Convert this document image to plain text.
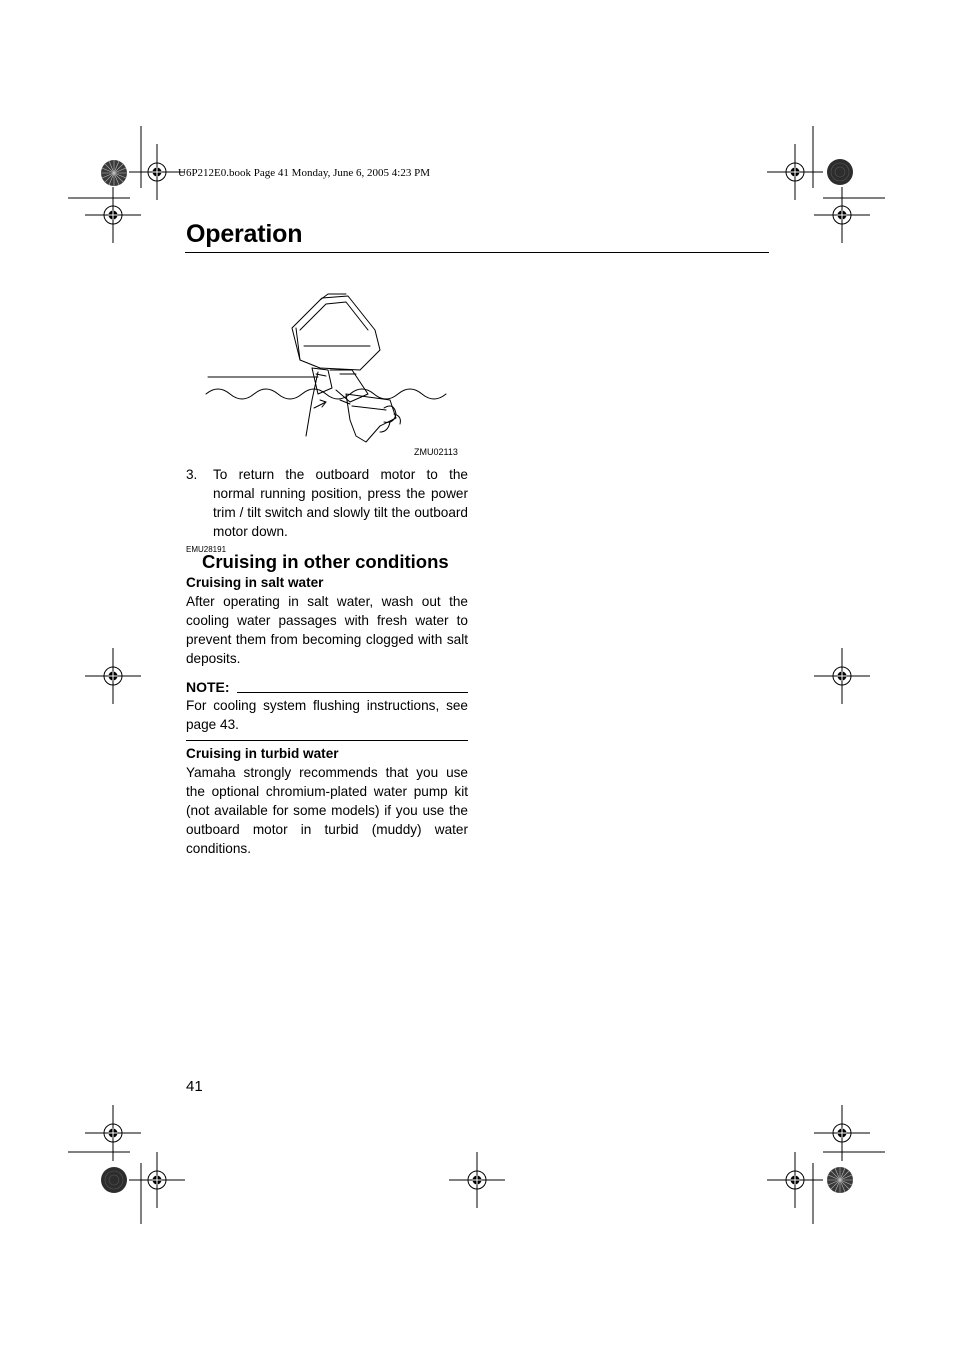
U6P212E0.book Page 41 Monday, June 6, 2005 4:23 PM
Operation
ZMU02113
3. To return the outboard motor to the normal running position, press the power trim / tilt switch and slowly tilt the outboard motor down.
EMU28191
Cruising in other conditions
Cruising in salt water
After operating in salt water, wash out the cooling water passages with fresh water to prevent them from becoming clogged with salt deposits.
NOTE:
For cooling system flushing instructions, see page 43.
Cruising in turbid water
Yamaha strongly recommends that you use the optional chromium-plated water pump kit (not available for some models) if you use the outboard motor in turbid (muddy) water conditions.
41
